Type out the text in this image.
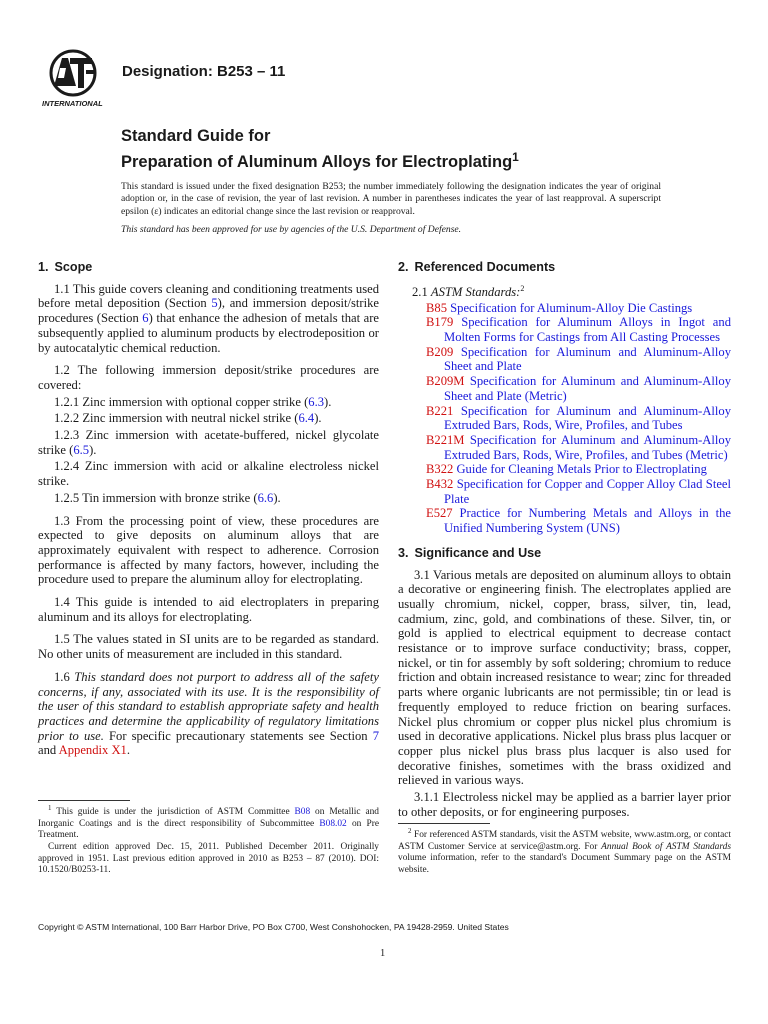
INTERNATIONAL
Designation: B253 – 11
Standard Guide for
Preparation of Aluminum Alloys for Electroplating$^1$
This standard is issued under the fixed designation B253; the number immediately following the designation indicates the year of original adoption or, in the case of revision, the year of last revision. A number in parentheses indicates the year of last reapproval. A superscript epsilon (ε) indicates an editorial change since the last revision or reapproval.
This standard has been approved for use by agencies of the U.S. Department of Defense.
1. Scope

1.1 This guide covers cleaning and conditioning treatments used before metal deposition (Section 5), and immersion deposit/strike procedures (Section 6) that enhance the adhesion of metals that are subsequently applied to aluminum products by electrodeposition or by autocatalytic chemical reduction.

1.2 The following immersion deposit/strike procedures are covered:

1.2.1 Zinc immersion with optional copper strike (6.3).

1.2.2 Zinc immersion with neutral nickel strike (6.4).

1.2.3 Zinc immersion with acetate-buffered, nickel glycolate strike (6.5).

1.2.4 Zinc immersion with acid or alkaline electroless nickel strike.

1.2.5 Tin immersion with bronze strike (6.6).

1.3 From the processing point of view, these procedures are expected to give deposits on aluminum alloys that are approximately equivalent with respect to adherence. Corrosion performance is affected by many factors, however, including the procedure used to prepare the aluminum alloy for electroplating.

1.4 This guide is intended to aid electroplaters in preparing aluminum and its alloys for electroplating.

1.5 The values stated in SI units are to be regarded as standard. No other units of measurement are included in this standard.

1.6 This standard does not purport to address all of the safety concerns, if any, associated with its use. It is the responsibility of the user of this standard to establish appropriate safety and health practices and determine the applicability of regulatory limitations prior to use. For specific precautionary statements see Section 7 and Appendix X1.

2. Referenced Documents

2.1 ASTM Standards:$^2$

B85 Specification for Aluminum-Alloy Die Castings

B179 Specification for Aluminum Alloys in Ingot and Molten Forms for Castings from All Casting Processes

B209 Specification for Aluminum and Aluminum-Alloy Sheet and Plate

B209M Specification for Aluminum and Aluminum-Alloy Sheet and Plate (Metric)

B221 Specification for Aluminum and Aluminum-Alloy Extruded Bars, Rods, Wire, Profiles, and Tubes

B221M Specification for Aluminum and Aluminum-Alloy Extruded Bars, Rods, Wire, Profiles, and Tubes (Metric)

B322 Guide for Cleaning Metals Prior to Electroplating

B432 Specification for Copper and Copper Alloy Clad Steel Plate

E527 Practice for Numbering Metals and Alloys in the Unified Numbering System (UNS)

3. Significance and Use

3.1 Various metals are deposited on aluminum alloys to obtain a decorative or engineering finish. The electroplates applied are usually chromium, nickel, copper, brass, silver, tin, lead, cadmium, zinc, gold, and combinations of these. Silver, tin, or gold is applied to electrical equipment to decrease contact resistance or to improve surface conductivity; brass, copper, nickel, or tin for assembly by soft soldering; chromium to reduce friction and obtain increased resistance to wear; zinc for threaded parts where organic lubricants are not permissible; tin or lead is frequently employed to reduce friction on bearing surfaces. Nickel plus chromium or copper plus nickel plus chromium is used in decorative applications. Nickel plus brass plus lacquer or copper plus nickel plus brass plus lacquer is also used for decorative finishes, sometimes with the brass oxidized and relieved in various ways.

3.1.1 Electroless nickel may be applied as a barrier layer prior to other deposits, or for engineering purposes.

$^1$ This guide is under the jurisdiction of ASTM Committee B08 on Metallic and Inorganic Coatings and is the direct responsibility of Subcommittee B08.02 on Pre Treatment.

Current edition approved Dec. 15, 2011. Published December 2011. Originally approved in 1951. Last previous edition approved in 2010 as B253 – 87 (2010). DOI: 10.1520/B0253-11.

$^2$ For referenced ASTM standards, visit the ASTM website, www.astm.org, or contact ASTM Customer Service at service@astm.org. For Annual Book of ASTM Standards volume information, refer to the standard's Document Summary page on the ASTM website.

Copyright © ASTM International, 100 Barr Harbor Drive, PO Box C700, West Conshohocken, PA 19428-2959. United States
1
